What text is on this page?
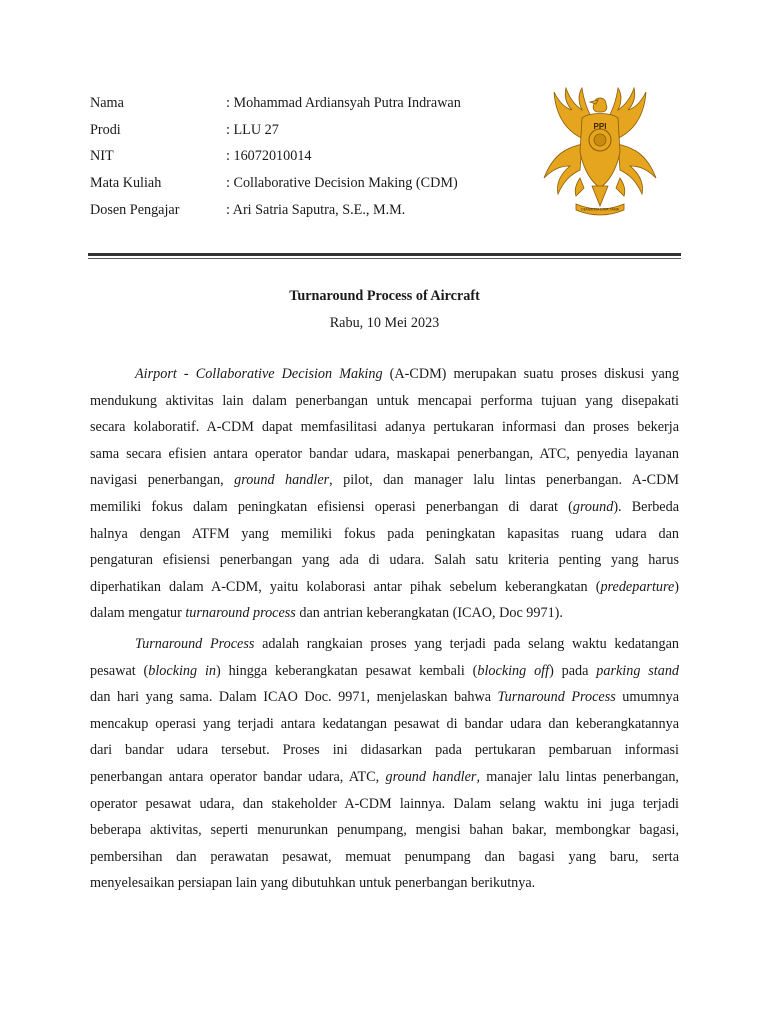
Nama	: Mohammad Ardiansyah Putra Indrawan
Prodi	: LLU 27
NIT	: 16072010014
Mata Kuliah	: Collaborative Decision Making (CDM)
Dosen Pengajar	: Ari Satria Saputra, S.E., M.M.
PPI
CENDEKIA DIKA TAMA
Turnaround Process of Aircraft
Rabu, 10 Mei 2023
Airport - Collaborative Decision Making (A-CDM) merupakan suatu proses diskusi yang
mendukung aktivitas lain dalam penerbangan untuk mencapai performa tujuan yang disepakati
secara kolaboratif. A-CDM dapat memfasilitasi adanya pertukaran informasi dan proses bekerja
sama secara efisien antara operator bandar udara, maskapai penerbangan, ATC, penyedia layanan
navigasi penerbangan, ground handler, pilot, dan manager lalu lintas penerbangan. A-CDM
memiliki fokus dalam peningkatan efisiensi operasi penerbangan di darat (ground). Berbeda
halnya dengan ATFM yang memiliki fokus pada peningkatan kapasitas ruang udara dan
pengaturan efisiensi penerbangan yang ada di udara. Salah satu kriteria penting yang harus
diperhatikan dalam A-CDM, yaitu kolaborasi antar pihak sebelum keberangkatan (predeparture)
dalam mengatur turnaround process dan antrian keberangkatan (ICAO, Doc 9971).
Turnaround Process adalah rangkaian proses yang terjadi pada selang waktu kedatangan
pesawat (blocking in) hingga keberangkatan pesawat kembali (blocking off) pada parking stand
dan hari yang sama. Dalam ICAO Doc. 9971, menjelaskan bahwa Turnaround Process umumnya
mencakup operasi yang terjadi antara kedatangan pesawat di bandar udara dan keberangkatannya
dari bandar udara tersebut. Proses ini didasarkan pada pertukaran pembaruan informasi
penerbangan antara operator bandar udara, ATC, ground handler, manajer lalu lintas penerbangan,
operator pesawat udara, dan stakeholder A-CDM lainnya. Dalam selang waktu ini juga terjadi
beberapa aktivitas, seperti menurunkan penumpang, mengisi bahan bakar, membongkar bagasi,
pembersihan dan perawatan pesawat, memuat penumpang dan bagasi yang baru, serta
menyelesaikan persiapan lain yang dibutuhkan untuk penerbangan berikutnya.
